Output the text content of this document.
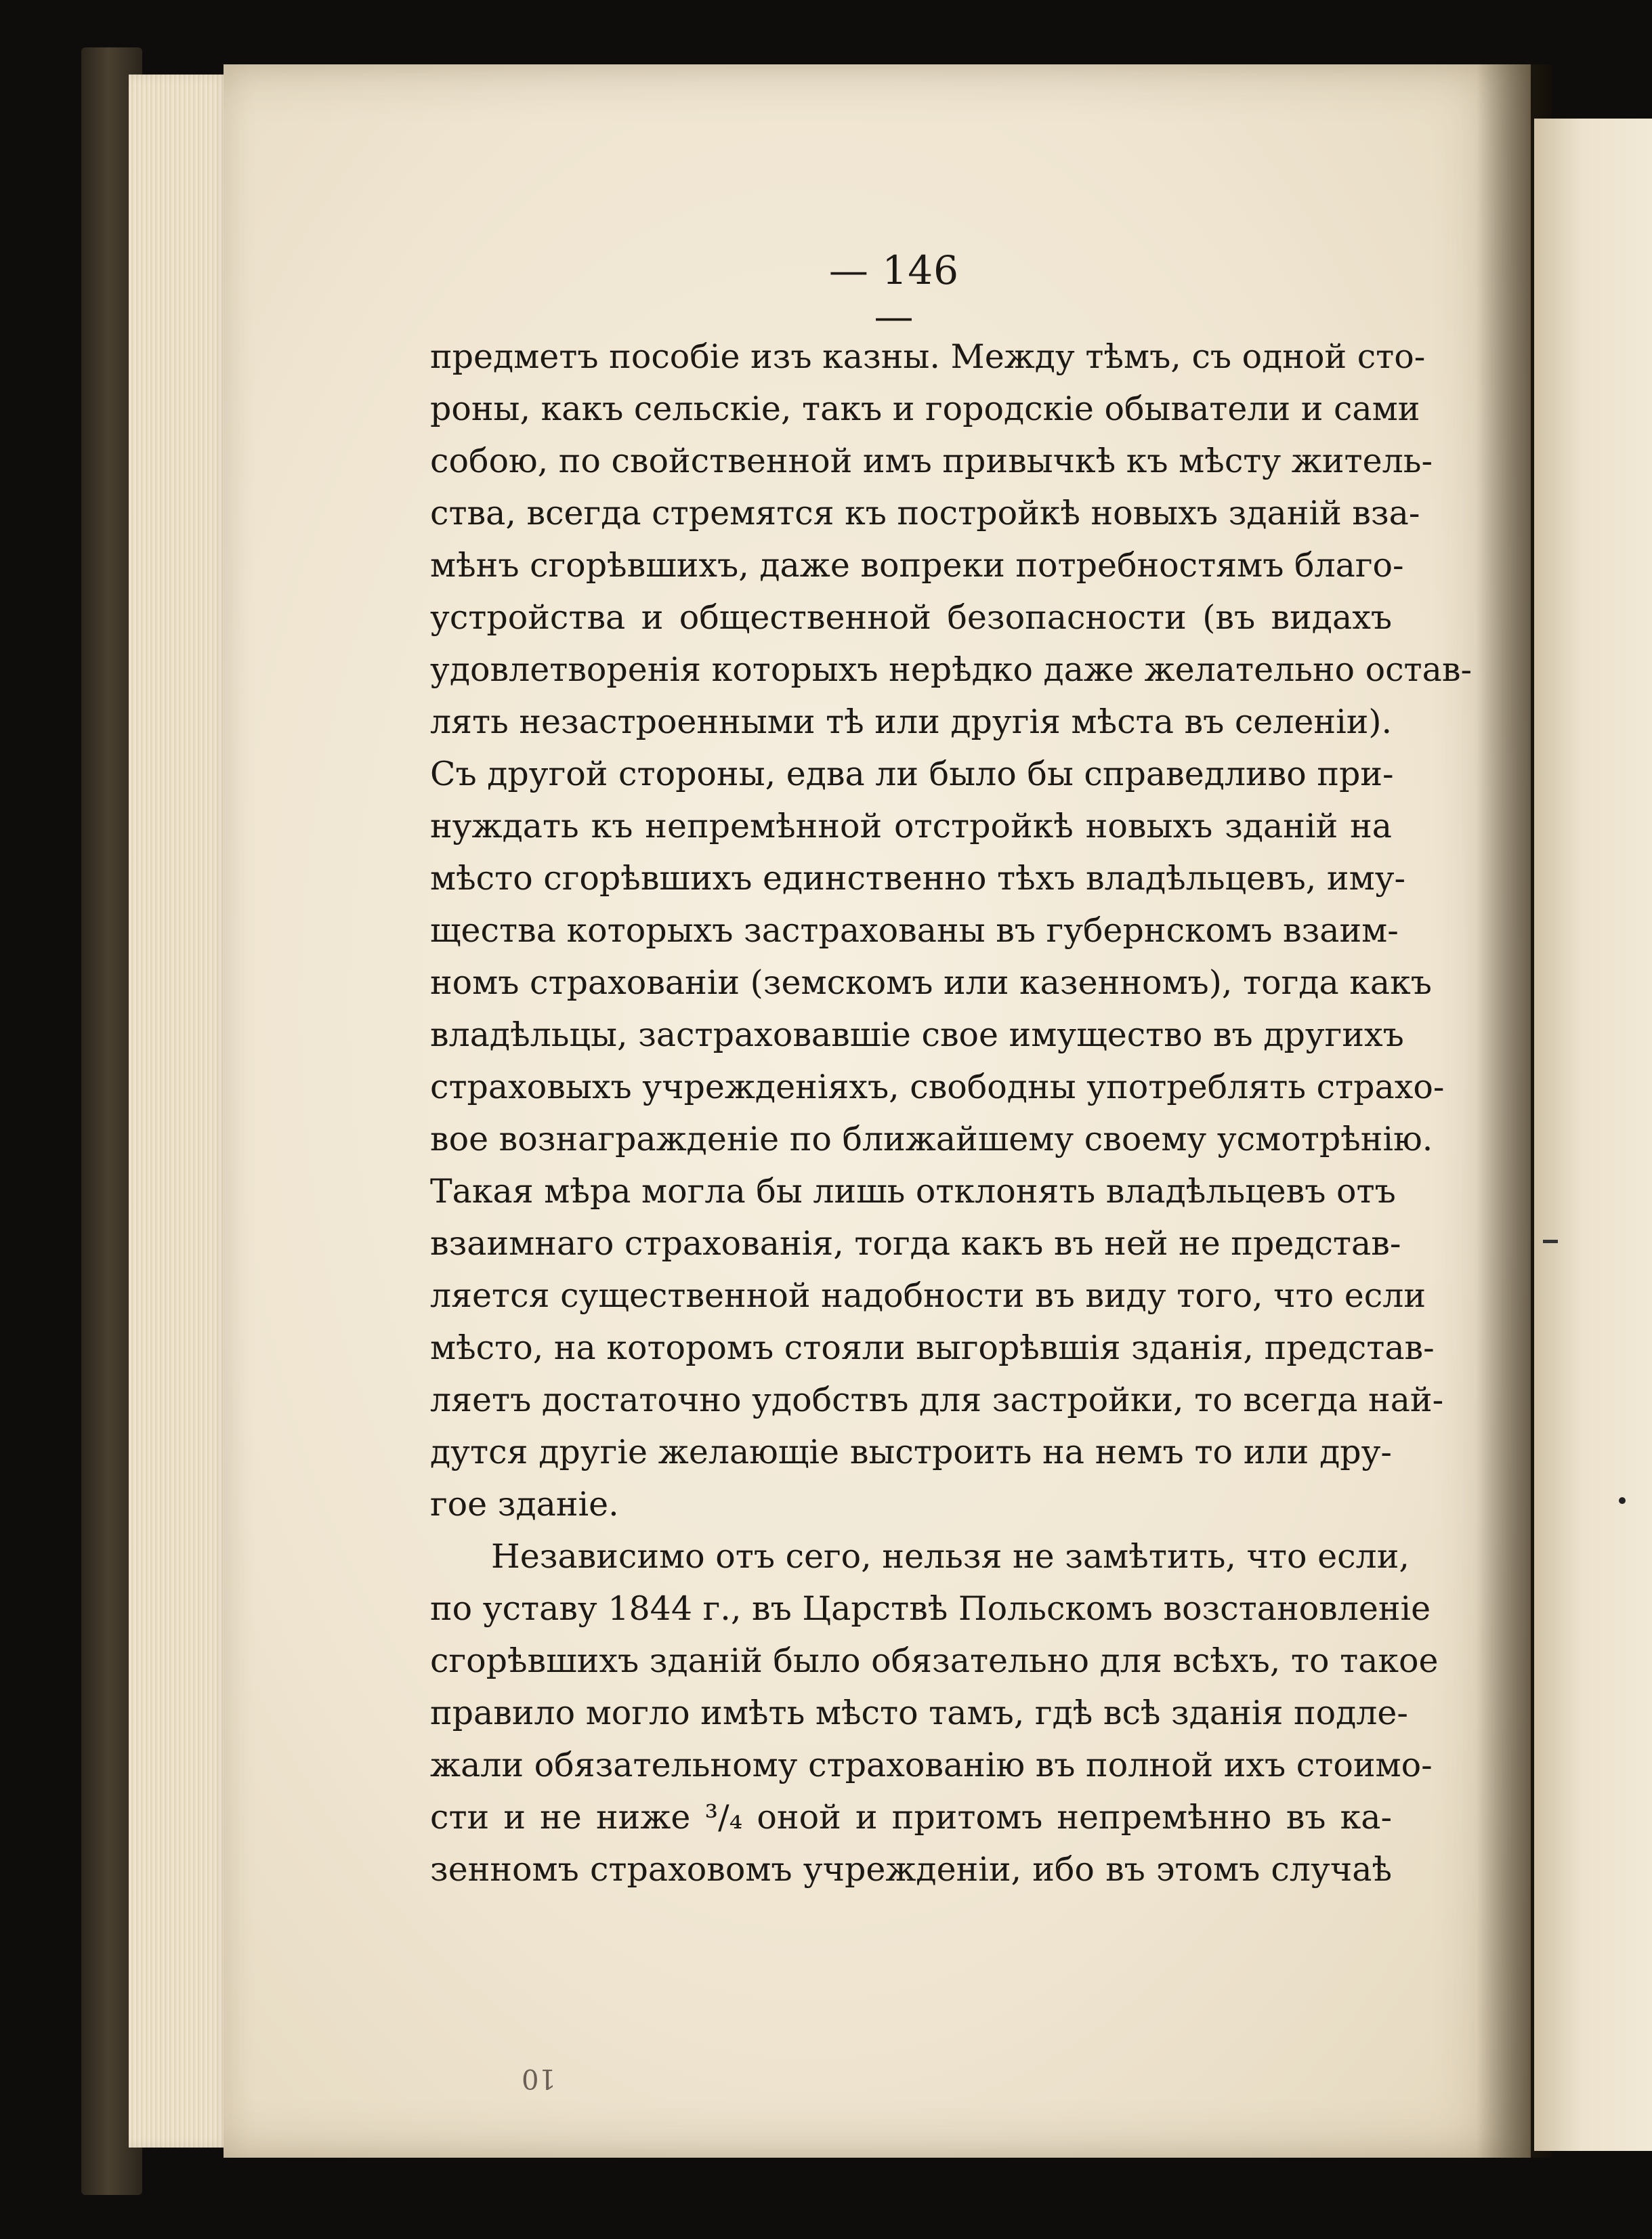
— 146 —
предметъ пособіе изъ казны. Между тѣмъ, съ одной сто-
роны, какъ сельскіе, такъ и городскіе обыватели и сами
собою, по свойственной имъ привычкѣ къ мѣсту житель-
ства, всегда стремятся къ постройкѣ новыхъ зданій вза-
мѣнъ сгорѣвшихъ, даже вопреки потребностямъ благо-
устройства и общественной безопасности (въ видахъ
удовлетворенія которыхъ нерѣдко даже желательно остав-
лять незастроенными тѣ или другія мѣста въ селеніи).
Съ другой стороны, едва ли было бы справедливо при-
нуждать къ непремѣнной отстройкѣ новыхъ зданій на
мѣсто сгорѣвшихъ единственно тѣхъ владѣльцевъ, иму-
щества которыхъ застрахованы въ губернскомъ взаим-
номъ страхованіи (земскомъ или казенномъ), тогда какъ
владѣльцы, застраховавшіе свое имущество въ другихъ
страховыхъ учрежденіяхъ, свободны употреблять страхо-
вое вознагражденіе по ближайшему своему усмотрѣнію.
Такая мѣра могла бы лишь отклонять владѣльцевъ отъ
взаимнаго страхованія, тогда какъ въ ней не представ-
ляется существенной надобности въ виду того, что если
мѣсто, на которомъ стояли выгорѣвшія зданія, представ-
ляетъ достаточно удобствъ для застройки, то всегда най-
дутся другіе желающіе выстроить на немъ то или дру-
гое зданіе.
Независимо отъ сего, нельзя не замѣтить, что если,
по уставу 1844 г., въ Царствѣ Польскомъ возстановленіе
сгорѣвшихъ зданій было обязательно для всѣхъ, то такое
правило могло имѣть мѣсто тамъ, гдѣ всѣ зданія подле-
жали обязательному страхованію въ полной ихъ стоимо-
сти и не ниже ³/₄ оной и притомъ непремѣнно въ ка-
зенномъ страховомъ учрежденіи, ибо въ этомъ случаѣ
10
